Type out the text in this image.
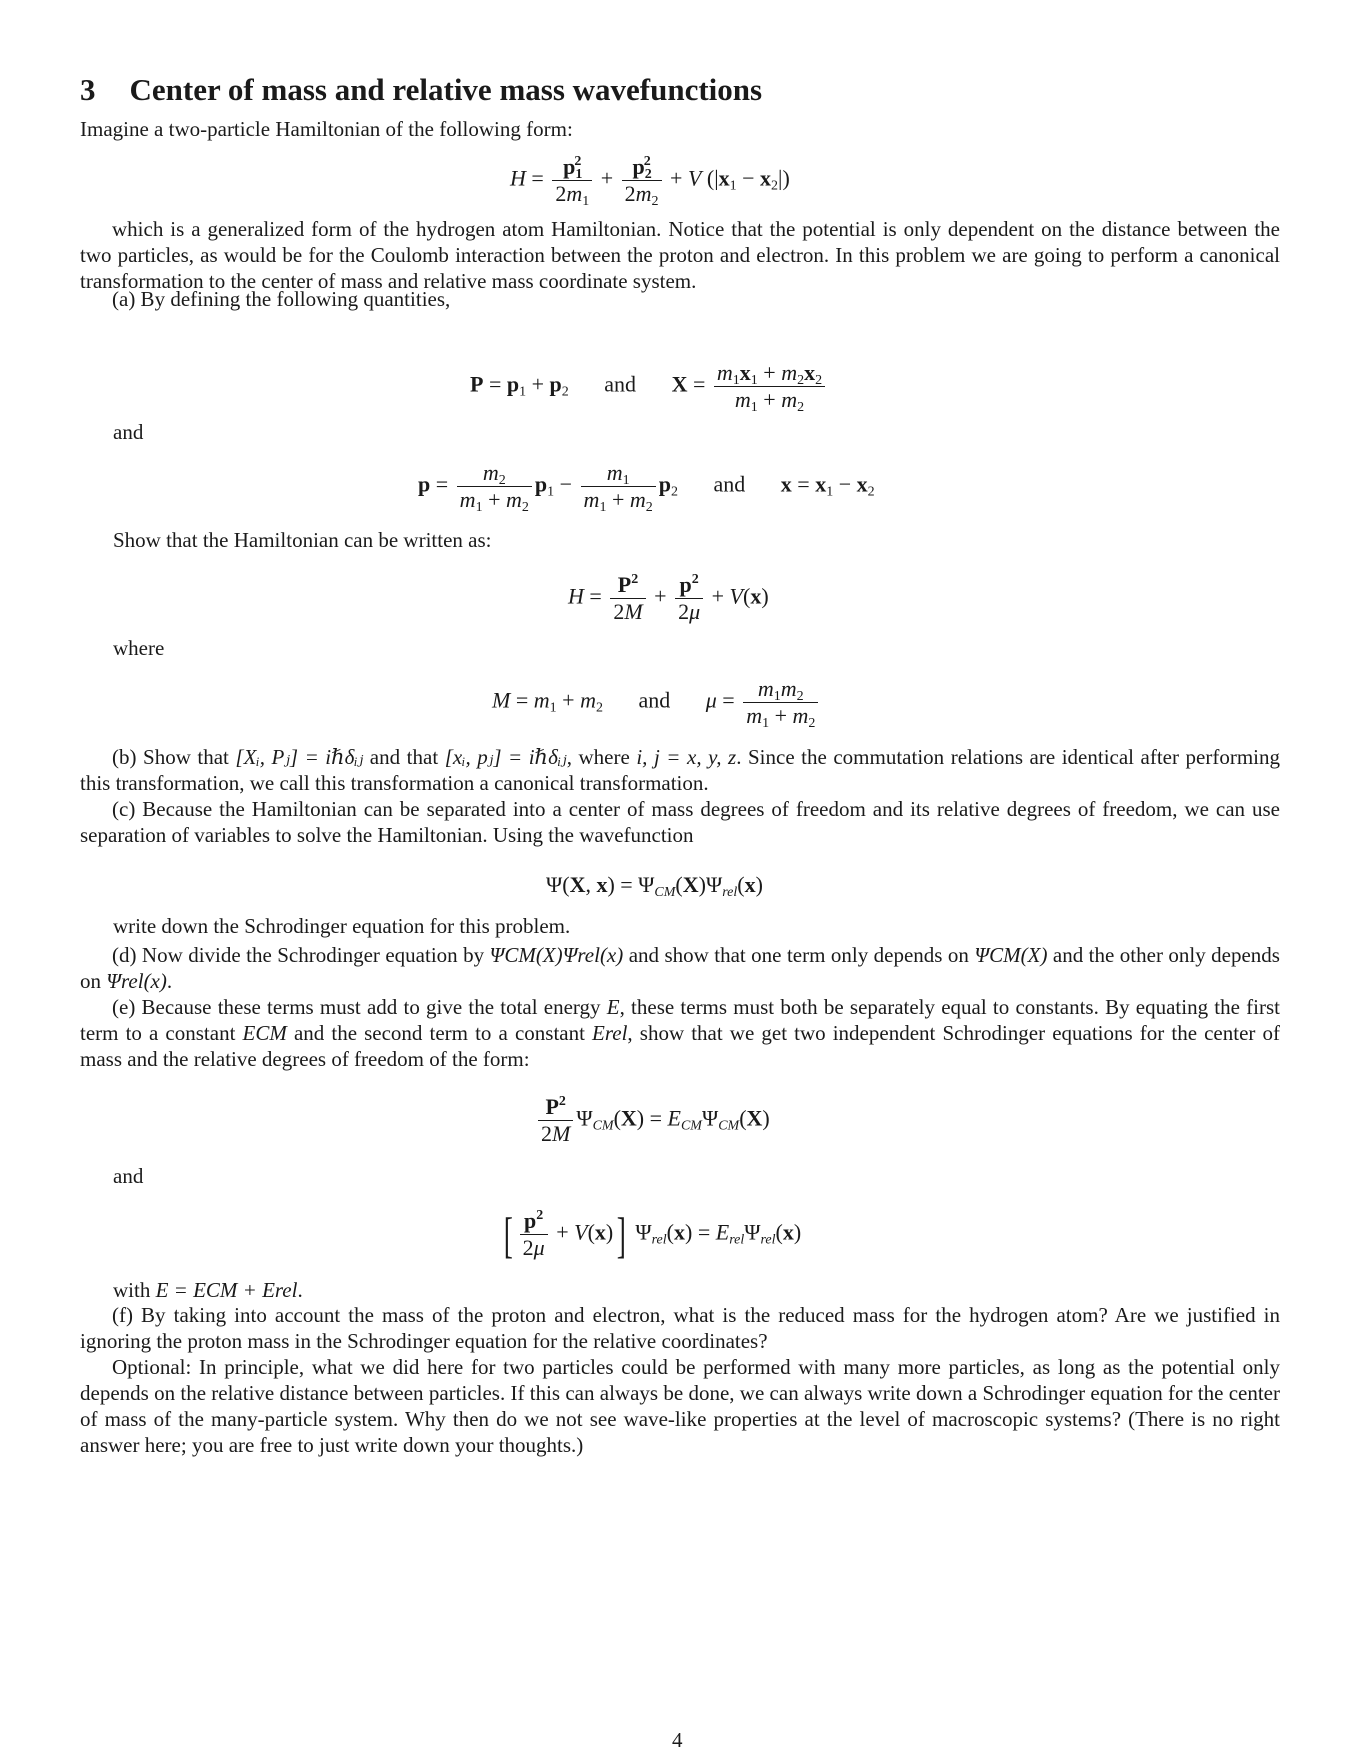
3 Center of mass and relative mass wavefunctions
Imagine a two-particle Hamiltonian of the following form:
$H = \frac{p_1^2}{2m_1} + \frac{p_2^2}{2m_2} + V$ $(|x_1 - x_2|)$
which is a generalized form of the hydrogen atom Hamiltonian. Notice that the potential is only dependent on the distance between the two particles, as would be for the Coulomb interaction between the proton and electron. In this problem we are going to perform a canonical transformation to the center of mass and relative mass coordinate system.
(a) By defining the following quantities,
$P = p_1 + p_2$ and $X = \frac{m_1x_1 + m_2x_2}{m_1 + m_2}$
and
$p = \frac{m_2}{m_1 + m_2} p_1 - \frac{m_1}{m_1 + m_2} p_2$ and $x = x_1 - x_2$
Show that the Hamiltonian can be written as:
$H = \frac{P^2}{2M} + \frac{p^2}{2\mu} + V(x)$
where
$M = m_1 + m_2$ and $\mu = \frac{m_1m_2}{m_1 + m_2}$
(b) Show that [Xᵢ, Pⱼ] = iℏδᵢⱼ and that [xᵢ, pⱼ] = iℏδᵢⱼ, where i, j = x, y, z. Since the commutation relations are identical after performing this transformation, we call this transformation a canonical transformation.
(c) Because the Hamiltonian can be separated into a center of mass degrees of freedom and its relative degrees of freedom, we can use separation of variables to solve the Hamiltonian. Using the wavefunction
Ψ(X, $x) = \Psi_{CM}(X)\Psi_{rel}(x)$
write down the Schrodinger equation for this problem.
(d) Now divide the Schrodinger equation by ΨCM(X)Ψrel(x) and show that one term only depends on ΨCM(X) and the other only depends on Ψrel(x).
(e) Because these terms must add to give the total energy E, these terms must both be separately equal to constants. By equating the first term to a constant ECM and the second term to a constant Erel, show that we get two independent Schrodinger equations for the center of mass and the relative degrees of freedom of the form:
$\frac{P^2}{2M} \Psi_{CM}(X) = E_{CM}\Psi_{CM}(X)$
and
[ $\frac{p^2}{2\mu} + V(x)$] $\Psi_{rel}(x) = E_{rel}\Psi_{rel}(x)$
with E = ECM + Erel.
(f) By taking into account the mass of the proton and electron, what is the reduced mass for the hydrogen atom? Are we justified in ignoring the proton mass in the Schrodinger equation for the relative coordinates?
Optional: In principle, what we did here for two particles could be performed with many more particles, as long as the potential only depends on the relative distance between particles. If this can always be done, we can always write down a Schrodinger equation for the center of mass of the many-particle system. Why then do we not see wave-like properties at the level of macroscopic systems? (There is no right answer here; you are free to just write down your thoughts.)
4
